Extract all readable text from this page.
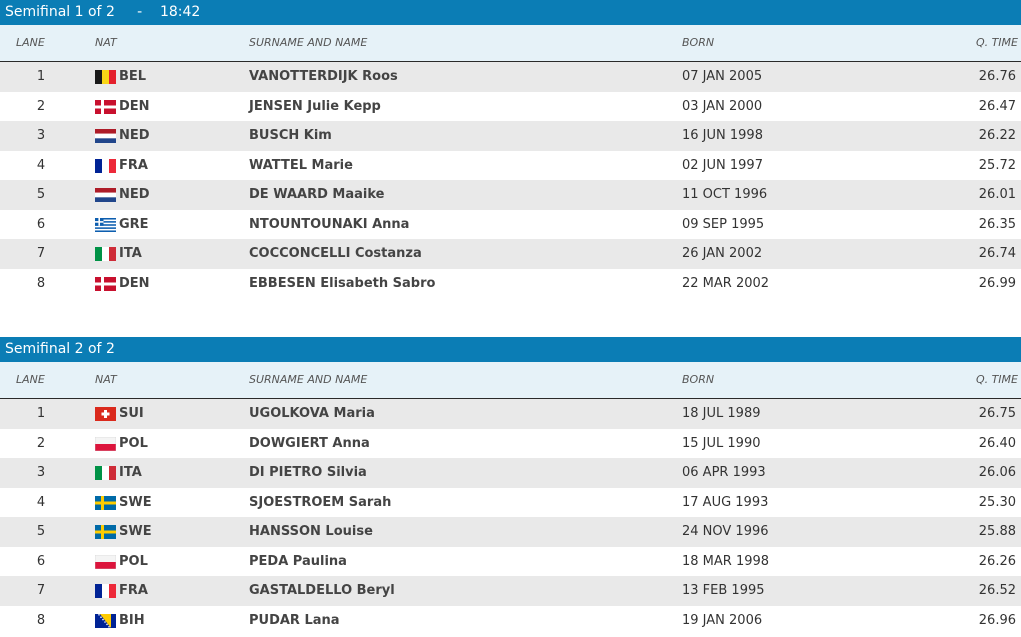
Semifinal 1 of 2     -    18:42
LANE	NAT	SURNAME AND NAME	BORN	Q. TIME
1	BEL	VANOTTERDIJK Roos	07 JAN 2005	26.76
2	DEN	JENSEN Julie Kepp	03 JAN 2000	26.47
3	NED	BUSCH Kim	16 JUN 1998	26.22
4	FRA	WATTEL Marie	02 JUN 1997	25.72
5	NED	DE WAARD Maaike	11 OCT 1996	26.01
6	GRE	NTOUNTOUNAKI Anna	09 SEP 1995	26.35
7	ITA	COCCONCELLI Costanza	26 JAN 2002	26.74
8	DEN	EBBESEN Elisabeth Sabro	22 MAR 2002	26.99
Semifinal 2 of 2
LANE	NAT	SURNAME AND NAME	BORN	Q. TIME
1	SUI	UGOLKOVA Maria	18 JUL 1989	26.75
2	POL	DOWGIERT Anna	15 JUL 1990	26.40
3	ITA	DI PIETRO Silvia	06 APR 1993	26.06
4	SWE	SJOESTROEM Sarah	17 AUG 1993	25.30
5	SWE	HANSSON Louise	24 NOV 1996	25.88
6	POL	PEDA Paulina	18 MAR 1998	26.26
7	FRA	GASTALDELLO Beryl	13 FEB 1995	26.52
8	BIH	PUDAR Lana	19 JAN 2006	26.96
